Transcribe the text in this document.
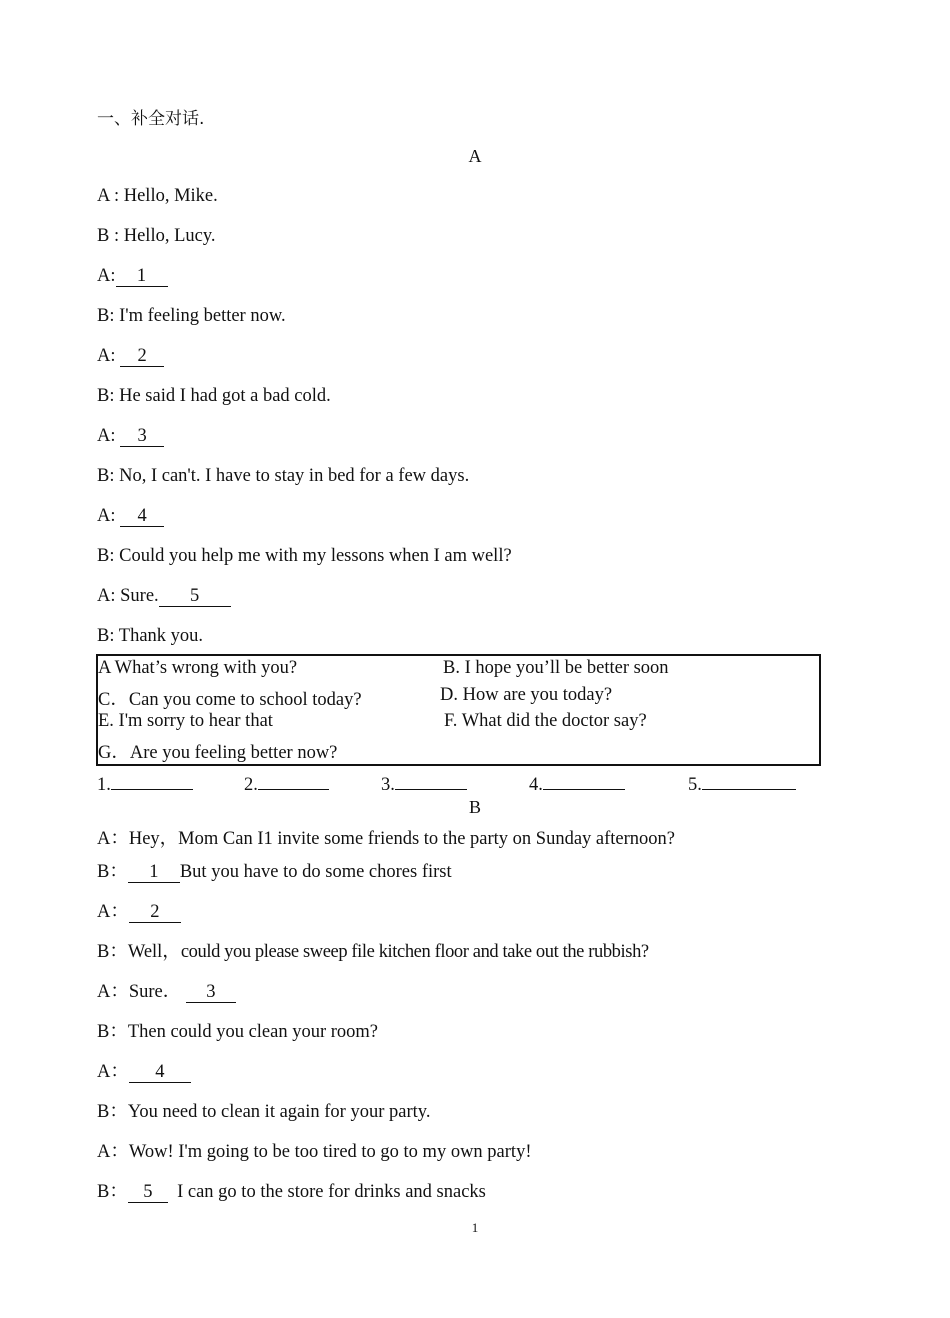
一、补全对话.
A
A : Hello, Mike.
B : Hello, Lucy.
A: 1
B: I'm feeling better now.
A: 2
B: He said I had got a bad cold.
A: 3
B: No, I can't. I have to stay in bed for a few days.
A: 4
B: Could you help me with my lessons when I am well?
A: Sure. 5
B: Thank you.
A What’s wrong with you?	B. I hope you’ll be better soon
C．Can you come to school today?	D. How are you today?
E. I'm sorry to hear that	F. What did the doctor say?
G．Are you feeling better now?
1.	2.	3.	4.	5.
B
A：Hey，Mom Can I1 invite some friends to the party on Sunday afternoon?
B： 1 But you have to do some chores first
A： 2
B：Well，could you please sweep file kitchen floor and take out the rubbish?
A：Sure． 3
B：Then could you clean your room?
A： 4
B：You need to clean it again for your party.
A：Wow! I'm going to be too tired to go to my own party!
B： 5 I can go to the store for drinks and snacks
1
